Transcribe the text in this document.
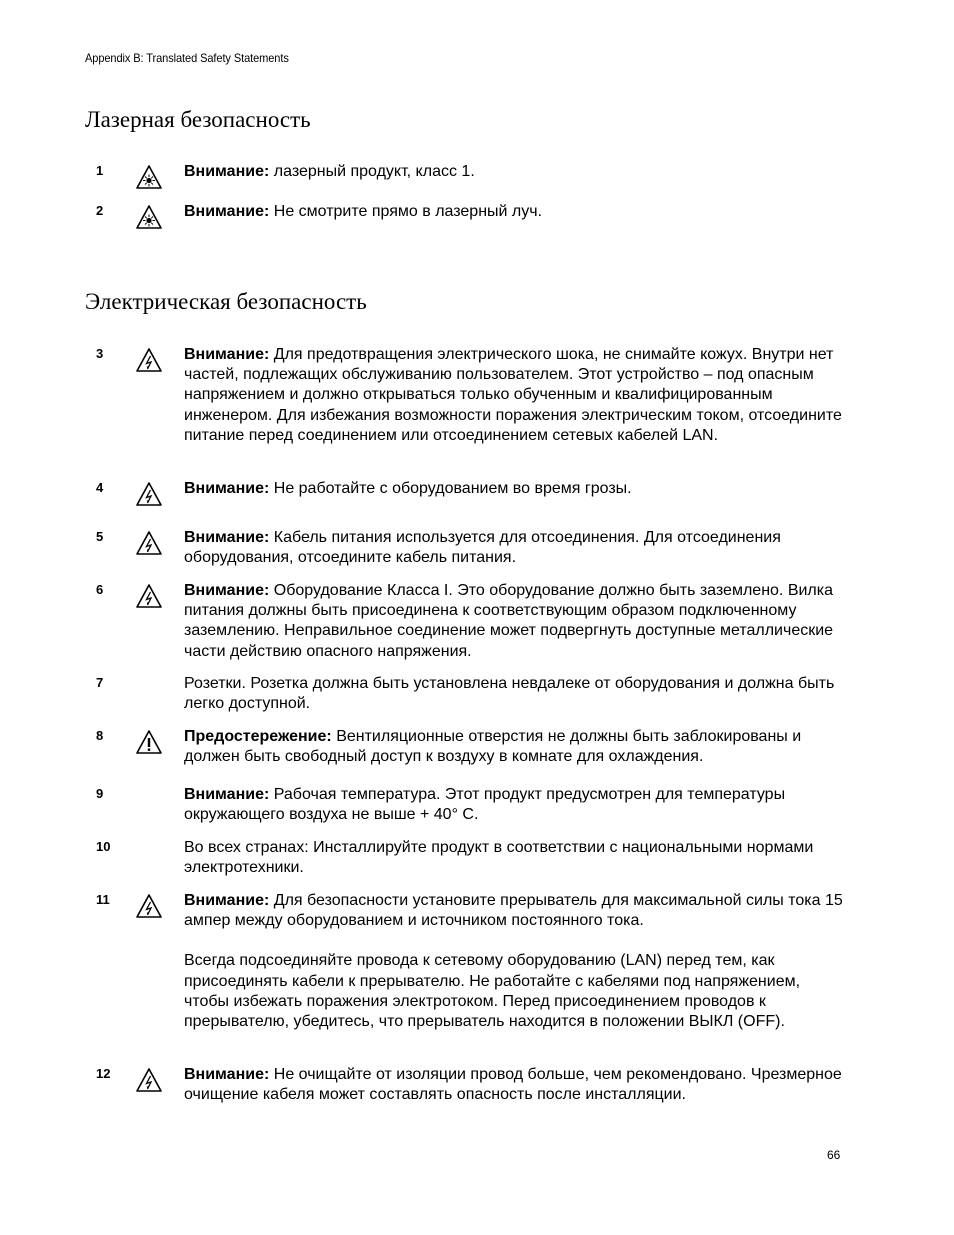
Appendix B: Translated Safety Statements
Лазерная безопасность
1	Внимание: лазерный продукт, класс 1.

2	Внимание: Не смотрите прямо в лазерный луч.

Электрическая безопасность
3	Внимание: Для предотвращения электрического шока, не снимайте кожух. Внутри нет частей, подлежащих обслуживанию пользователем. Этот устройство – под опасным напряжением и должно открываться только обученным и квалифицированным инженером. Для избежания возможности поражения электрическим током, отсоедините питание перед соединением или отсоединением сетевых кабелей LAN.

4	Внимание: Не работайте с оборудованием во время грозы.

5	Внимание: Кабель питания используется для отсоединения. Для отсоединения оборудования, отсоедините кабель питания.

6	Внимание: Оборудование Класса I. Это оборудование должно быть заземлено. Вилка питания должны быть присоединена к соответствующим образом подключенному заземлению. Неправильное соединение может подвергнуть доступные металлические части действию опасного напряжения.

7	Розетки. Розетка должна быть установлена невдалеке от оборудования и должна быть легко доступной.

8	Предостережение: Вентиляционные отверстия не должны быть заблокированы и должен быть свободный доступ к воздуху в комнате для охлаждения.

9	Внимание: Рабочая температура. Этот продукт предусмотрен для температуры окружающего воздуха не выше + 40° C.

10	Во всех странах: Инсталлируйте продукт в соответствии с национальными нормами электротехники.

11	Внимание: Для безопасности установите прерыватель для максимальной силы тока 15 ампер между оборудованием и источником постоянного тока.

Всегда подсоединяйте провода к сетевому оборудованию (LAN) перед тем, как присоединять кабели к прерывателю. Не работайте с кабелями под напряжением, чтобы избежать поражения электротоком. Перед присоединением проводов к прерывателю, убедитесь, что прерыватель находится в положении ВЫКЛ (OFF).

12	Внимание: Не очищайте от изоляции провод больше, чем рекомендовано. Чрезмерное очищение кабеля может составлять опасность после инсталляции.

66
